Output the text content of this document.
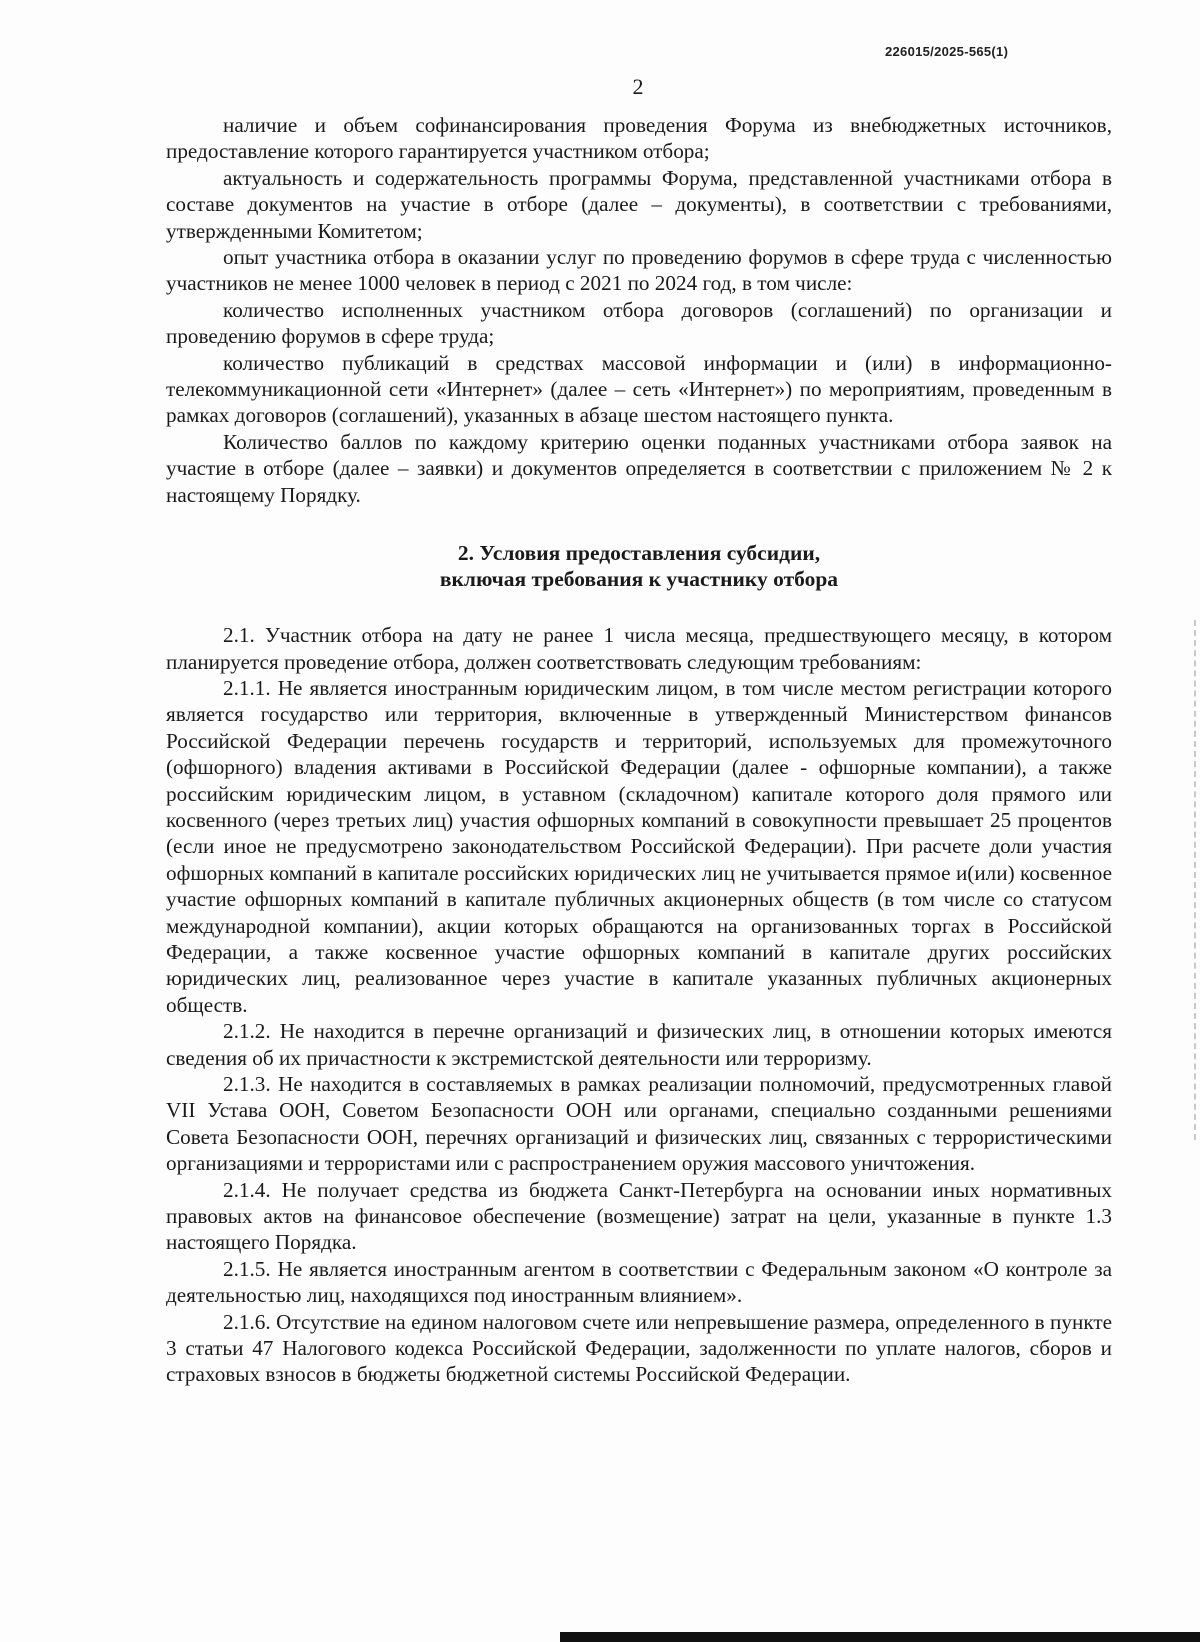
226015/2025-565(1)
2

наличие и объем софинансирования проведения Форума из внебюджетных источников, предоставление которого гарантируется участником отбора;

актуальность и содержательность программы Форума, представленной участниками отбора в составе документов на участие в отборе (далее – документы), в соответствии с требованиями, утвержденными Комитетом;

опыт участника отбора в оказании услуг по проведению форумов в сфере труда с численностью участников не менее 1000 человек в период с 2021 по 2024 год, в том числе:

количество исполненных участником отбора договоров (соглашений) по организации и проведению форумов в сфере труда;

количество публикаций в средствах массовой информации и (или) в информационно-телекоммуникационной сети «Интернет» (далее – сеть «Интернет») по мероприятиям, проведенным в рамках договоров (соглашений), указанных в абзаце шестом настоящего пункта.

Количество баллов по каждому критерию оценки поданных участниками отбора заявок на участие в отборе (далее – заявки) и документов определяется в соответствии с приложением № 2 к настоящему Порядку.

2. Условия предоставления субсидии,
включая требования к участнику отбора

2.1. Участник отбора на дату не ранее 1 числа месяца, предшествующего месяцу, в котором планируется проведение отбора, должен соответствовать следующим требованиям:

2.1.1. Не является иностранным юридическим лицом, в том числе местом регистрации которого является государство или территория, включенные в утвержденный Министерством финансов Российской Федерации перечень государств и территорий, используемых для промежуточного (офшорного) владения активами в Российской Федерации (далее - офшорные компании), а также российским юридическим лицом, в уставном (складочном) капитале которого доля прямого или косвенного (через третьих лиц) участия офшорных компаний в совокупности превышает 25 процентов (если иное не предусмотрено законодательством Российской Федерации). При расчете доли участия офшорных компаний в капитале российских юридических лиц не учитывается прямое и(или) косвенное участие офшорных компаний в капитале публичных акционерных обществ (в том числе со статусом международной компании), акции которых обращаются на организованных торгах в Российской Федерации, а также косвенное участие офшорных компаний в капитале других российских юридических лиц, реализованное через участие в капитале указанных публичных акционерных обществ.

2.1.2. Не находится в перечне организаций и физических лиц, в отношении которых имеются сведения об их причастности к экстремистской деятельности или терроризму.

2.1.3. Не находится в составляемых в рамках реализации полномочий, предусмотренных главой VII Устава ООН, Советом Безопасности ООН или органами, специально созданными решениями Совета Безопасности ООН, перечнях организаций и физических лиц, связанных с террористическими организациями и террористами или с распространением оружия массового уничтожения.

2.1.4. Не получает средства из бюджета Санкт-Петербурга на основании иных нормативных правовых актов на финансовое обеспечение (возмещение) затрат на цели, указанные в пункте 1.3 настоящего Порядка.

2.1.5. Не является иностранным агентом в соответствии с Федеральным законом «О контроле за деятельностью лиц, находящихся под иностранным влиянием».

2.1.6. Отсутствие на едином налоговом счете или непревышение размера, определенного в пункте 3 статьи 47 Налогового кодекса Российской Федерации, задолженности по уплате налогов, сборов и страховых взносов в бюджеты бюджетной системы Российской Федерации.
